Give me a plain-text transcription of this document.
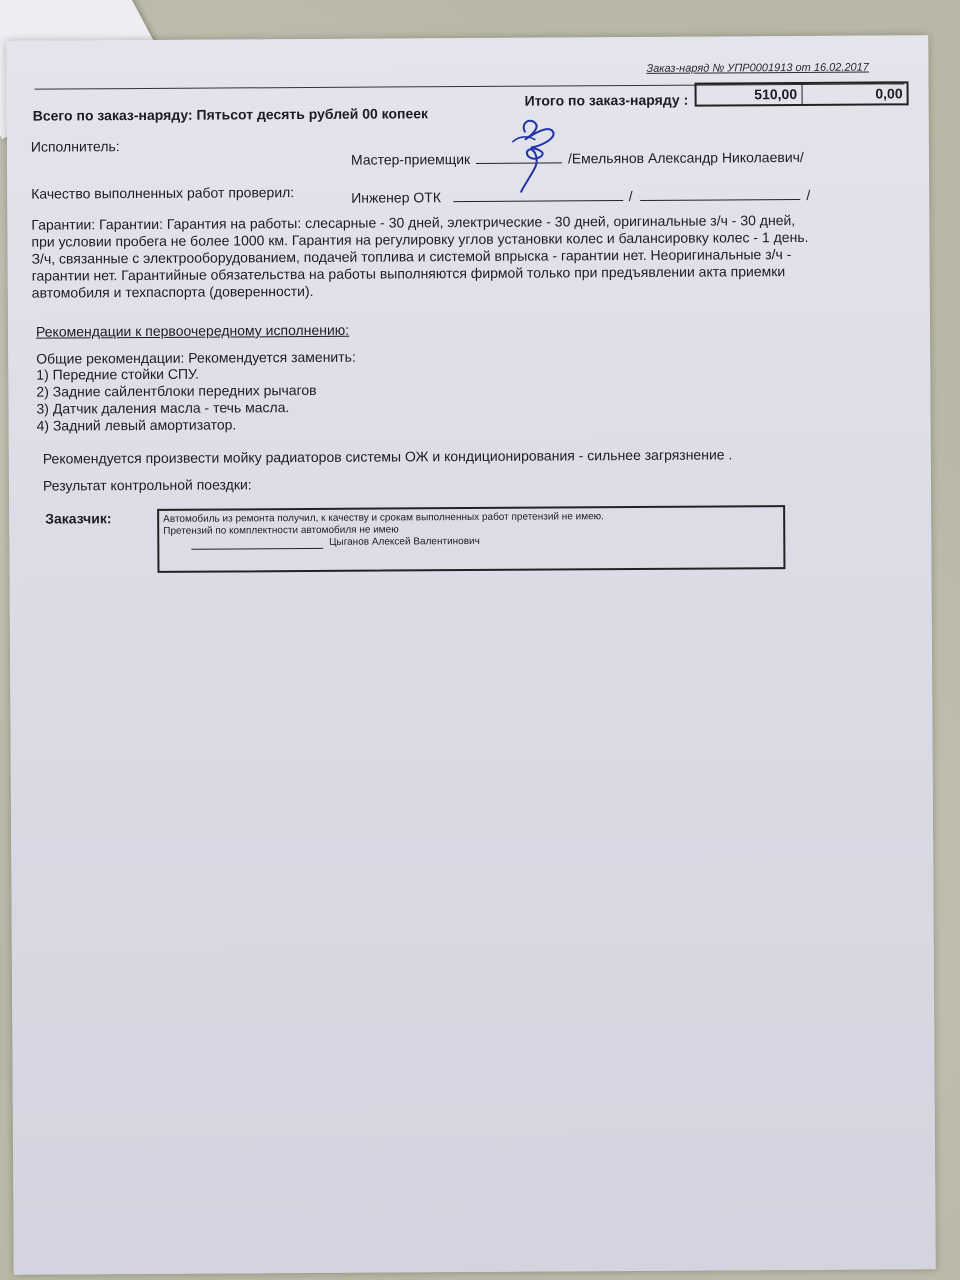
Заказ-наряд № УПР0001913 от 16.02.2017
Итого по заказ-наряду :	510,00	0,00
Всего по заказ-наряду: Пятьсот десять рублей 00 копеек
Исполнитель:
Мастер-приемщик	/Емельянов Александр Николаевич/
Качество выполненных работ проверил:	Инженер ОТК	/	/
Гарантии: Гарантии: Гарантия на работы: слесарные - 30 дней, электрические - 30 дней, оригинальные з/ч - 30 дней, при условии пробега не более 1000 км. Гарантия на регулировку углов установки колес и балансировку колес - 1 день. З/ч, связанные с электрооборудованием, подачей топлива и системой впрыска - гарантии нет. Неоригинальные з/ч - гарантии нет. Гарантийные обязательства на работы выполняются фирмой только при предъявлении акта приемки автомобиля и техпаспорта (доверенности).
Рекомендации к первоочередному исполнению:
Общие рекомендации: Рекомендуется заменить:
1) Передние стойки СПУ.
2) Задние сайлентблоки передних рычагов
3) Датчик даления масла - течь масла.
4) Задний левый амортизатор.
Рекомендуется произвести мойку радиаторов системы ОЖ и кондиционирования - сильнее загрязнение .
Результат контрольной поездки:
Заказчик:	Автомобиль из ремонта получил, к качеству и срокам выполненных работ претензий не имею.
Претензий по комплектности автомобиля не имею
Цыганов Алексей Валентинович
